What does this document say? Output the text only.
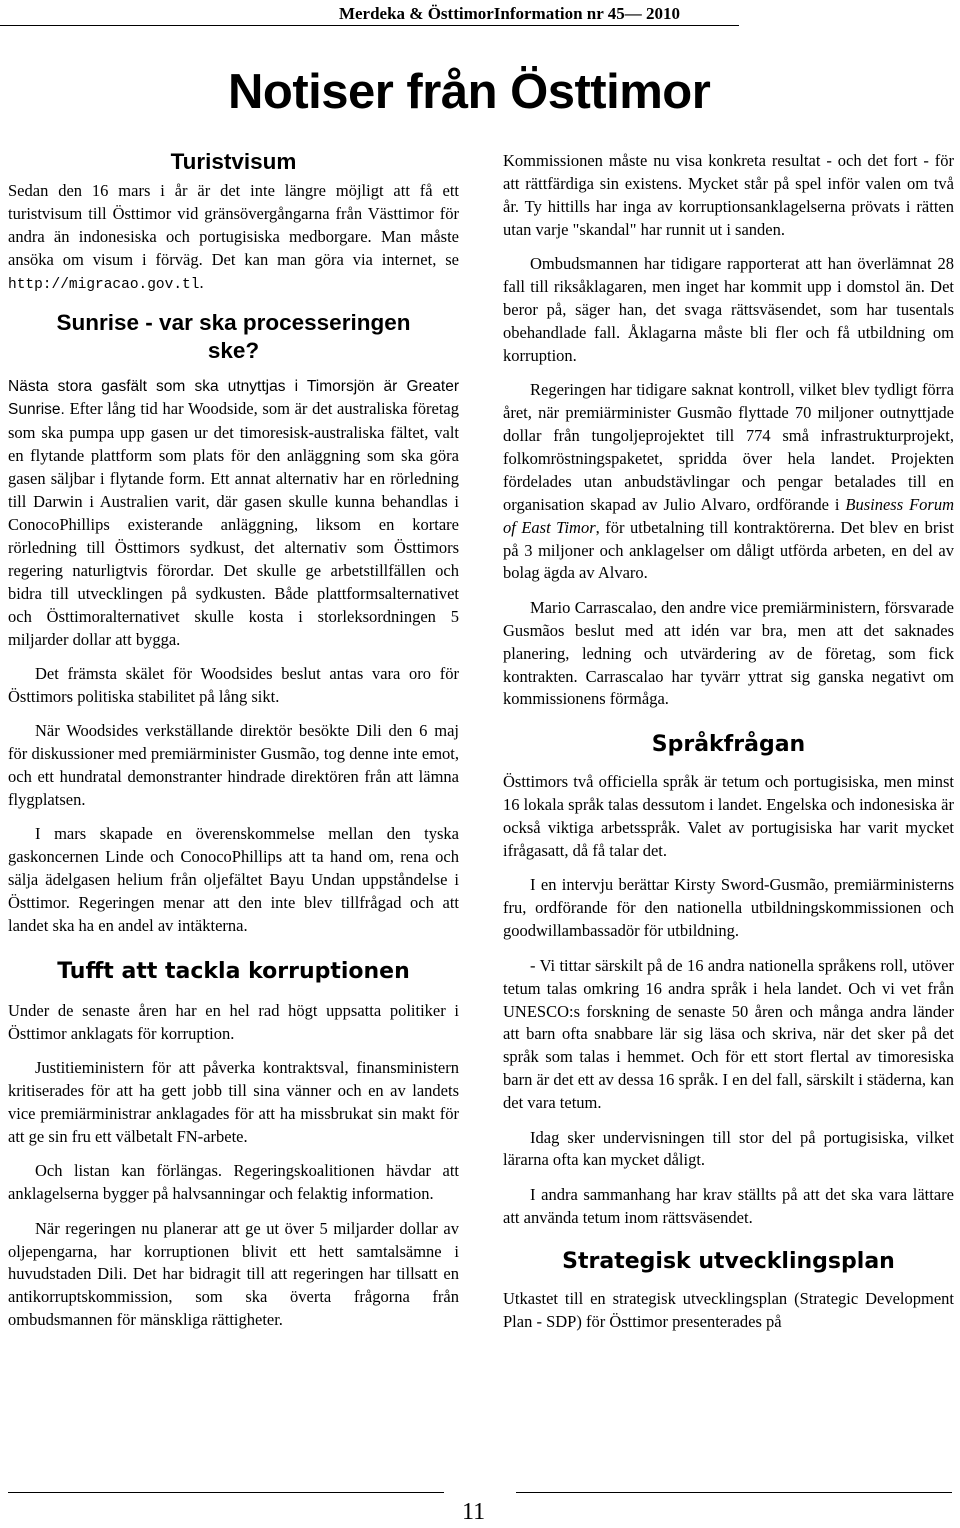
Merdeka & ÖsttimorInformation nr 45— 2010
Notiser från Östtimor
Turistvisum

Sedan den 16 mars i år är det inte längre möjligt att få ett turistvisum till Östtimor vid gränsövergångarna från Västtimor för andra än indonesiska och portugisiska medborgare. Man måste ansöka om visum i förväg. Det kan man göra via internet, se http://migracao.gov.tl.

Sunrise - var ska processeringen ske?

Nästa stora gasfält som ska utnyttjas i Timorsjön är Greater Sunrise. Efter lång tid har Woodside, som är det australiska företag som ska pumpa upp gasen ur det timoresisk-australiska fältet, valt en flytande plattform som plats för den anläggning som ska göra gasen säljbar i flytande form. Ett annat alternativ har en rörledning till Darwin i Australien varit, där gasen skulle kunna behandlas i ConocoPhillips existerande anläggning, liksom en kortare rörledning till Östtimors sydkust, det alternativ som Östtimors regering naturligtvis förordar. Det skulle ge arbetstillfällen och bidra till utvecklingen på sydkusten. Både plattformsalternativet och Östtimoralternativet skulle kosta i storleksordningen 5 miljarder dollar att bygga.

Det främsta skälet för Woodsides beslut antas vara oro för Östtimors politiska stabilitet på lång sikt.

När Woodsides verkställande direktör besökte Dili den 6 maj för diskussioner med premiärminister Gusmão, tog denne inte emot, och ett hundratal demonstranter hindrade direktören från att lämna flygplatsen.

I mars skapade en överenskommelse mellan den tyska gaskoncernen Linde och ConocoPhillips att ta hand om, rena och sälja ädelgasen helium från oljefältet Bayu Undan uppståndelse i Östtimor. Regeringen menar att den inte blev tillfrågad och att landet ska ha en andel av intäkterna.

Tufft att tackla korruptionen

Under de senaste åren har en hel rad högt uppsatta politiker i Östtimor anklagats för korruption.

Justitieministern för att påverka kontraktsval, finansministern kritiserades för att ha gett jobb till sina vänner och en av landets vice premiärministrar anklagades för att ha missbrukat sin makt för att ge sin fru ett välbetalt FN-arbete.

Och listan kan förlängas. Regeringskoalitionen hävdar att anklagelserna bygger på halvsanningar och felaktig information.

När regeringen nu planerar att ge ut över 5 miljarder dollar av oljepengarna, har korruptionen blivit ett hett samtalsämne i huvudstaden Dili. Det har bidragit till att regeringen har tillsatt en antikorruptskommission, som ska överta frågorna från ombudsmannen för mänskliga rättigheter.

Kommissionen måste nu visa konkreta resultat - och det fort - för att rättfärdiga sin existens. Mycket står på spel inför valen om två år. Ty hittills har inga av korruptionsanklagelserna prövats i rätten utan varje "skandal" har runnit ut i sanden.

Ombudsmannen har tidigare rapporterat att han överlämnat 28 fall till riksåklagaren, men inget har kommit upp i domstol än. Det beror på, säger han, det svaga rättsväsendet, som har tusentals obehandlade fall. Åklagarna måste bli fler och få utbildning om korruption.

Regeringen har tidigare saknat kontroll, vilket blev tydligt förra året, när premiärminister Gusmão flyttade 70 miljoner outnyttjade dollar från tungoljeprojektet till 774 små infrastrukturprojekt, folkomröstningspaketet, spridda över hela landet. Projekten fördelades utan anbudstävlingar och pengar betalades till en organisation skapad av Julio Alvaro, ordförande i Business Forum of East Timor, för utbetalning till kontraktörerna. Det blev en brist på 3 miljoner och anklagelser om dåligt utförda arbeten, en del av bolag ägda av Alvaro.

Mario Carrascalao, den andre vice premiärministern, försvarade Gusmãos beslut med att idén var bra, men att det saknades planering, ledning och utvärdering av de företag, som fick kontrakten. Carrascalao har tyvärr yttrat sig ganska negativt om kommissionens förmåga.

Språkfrågan

Östtimors två officiella språk är tetum och portugisiska, men minst 16 lokala språk talas dessutom i landet. Engelska och indonesiska är också viktiga arbetsspråk. Valet av portugisiska har varit mycket ifrågasatt, då få talar det.

I en intervju berättar Kirsty Sword-Gusmão, premiärministerns fru, ordförande för den nationella utbildningskommissionen och goodwillambassadör för utbildning.

- Vi tittar särskilt på de 16 andra nationella språkens roll, utöver tetum talas omkring 16 andra språk i hela landet. Och vi vet från UNESCO:s forskning de senaste 50 åren och många andra länder att barn ofta snabbare lär sig läsa och skriva, när det sker på det språk som talas i hemmet. Och för ett stort flertal av timoresiska barn är det ett av dessa 16 språk. I en del fall, särskilt i städerna, kan det vara tetum.

Idag sker undervisningen till stor del på portugisiska, vilket lärarna ofta kan mycket dåligt.

I andra sammanhang har krav ställts på att det ska vara lättare att använda tetum inom rättsväsendet.

Strategisk utvecklingsplan

Utkastet till en strategisk utvecklingsplan (Strategic Development Plan - SDP) för Östtimor presenterades på

11
